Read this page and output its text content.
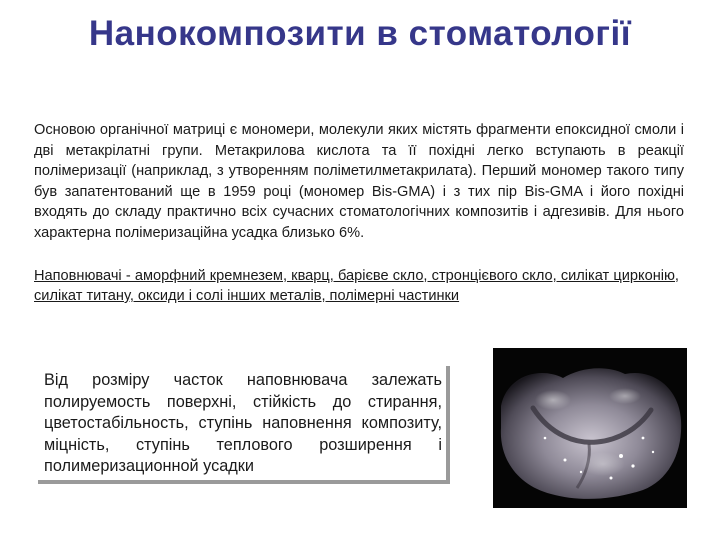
Нанокомпозити в стоматології

Основою органічної матриці є мономери, молекули яких містять фрагменти епоксидної смоли і дві метакрілатні групи. Метакрилова кислота та її похідні легко вступають в реакції полімеризації (наприклад, з утворенням поліметилметакрилата). Перший мономер такого типу був запатентований ще в 1959 році (мономер Bis-GMA) і з тих пір Bis-GMA і його похідні входять до складу практично всіх сучасних стоматологічних композитів і адгезивів. Для нього характерна полімеризаційна усадка близько 6%.

Наповнювачі - аморфний кремнезем, кварц, барієве скло, стронцієвого скло, силікат цирконію, силікат титану, оксиди і солі інших металів, полімерні частинки

Від розміру часток наповнювача залежать полируемость поверхні, стійкість до стирання, цветостабільность, ступінь наповнення композиту, міцність, ступінь теплового розширення і полимеризационной усадки
